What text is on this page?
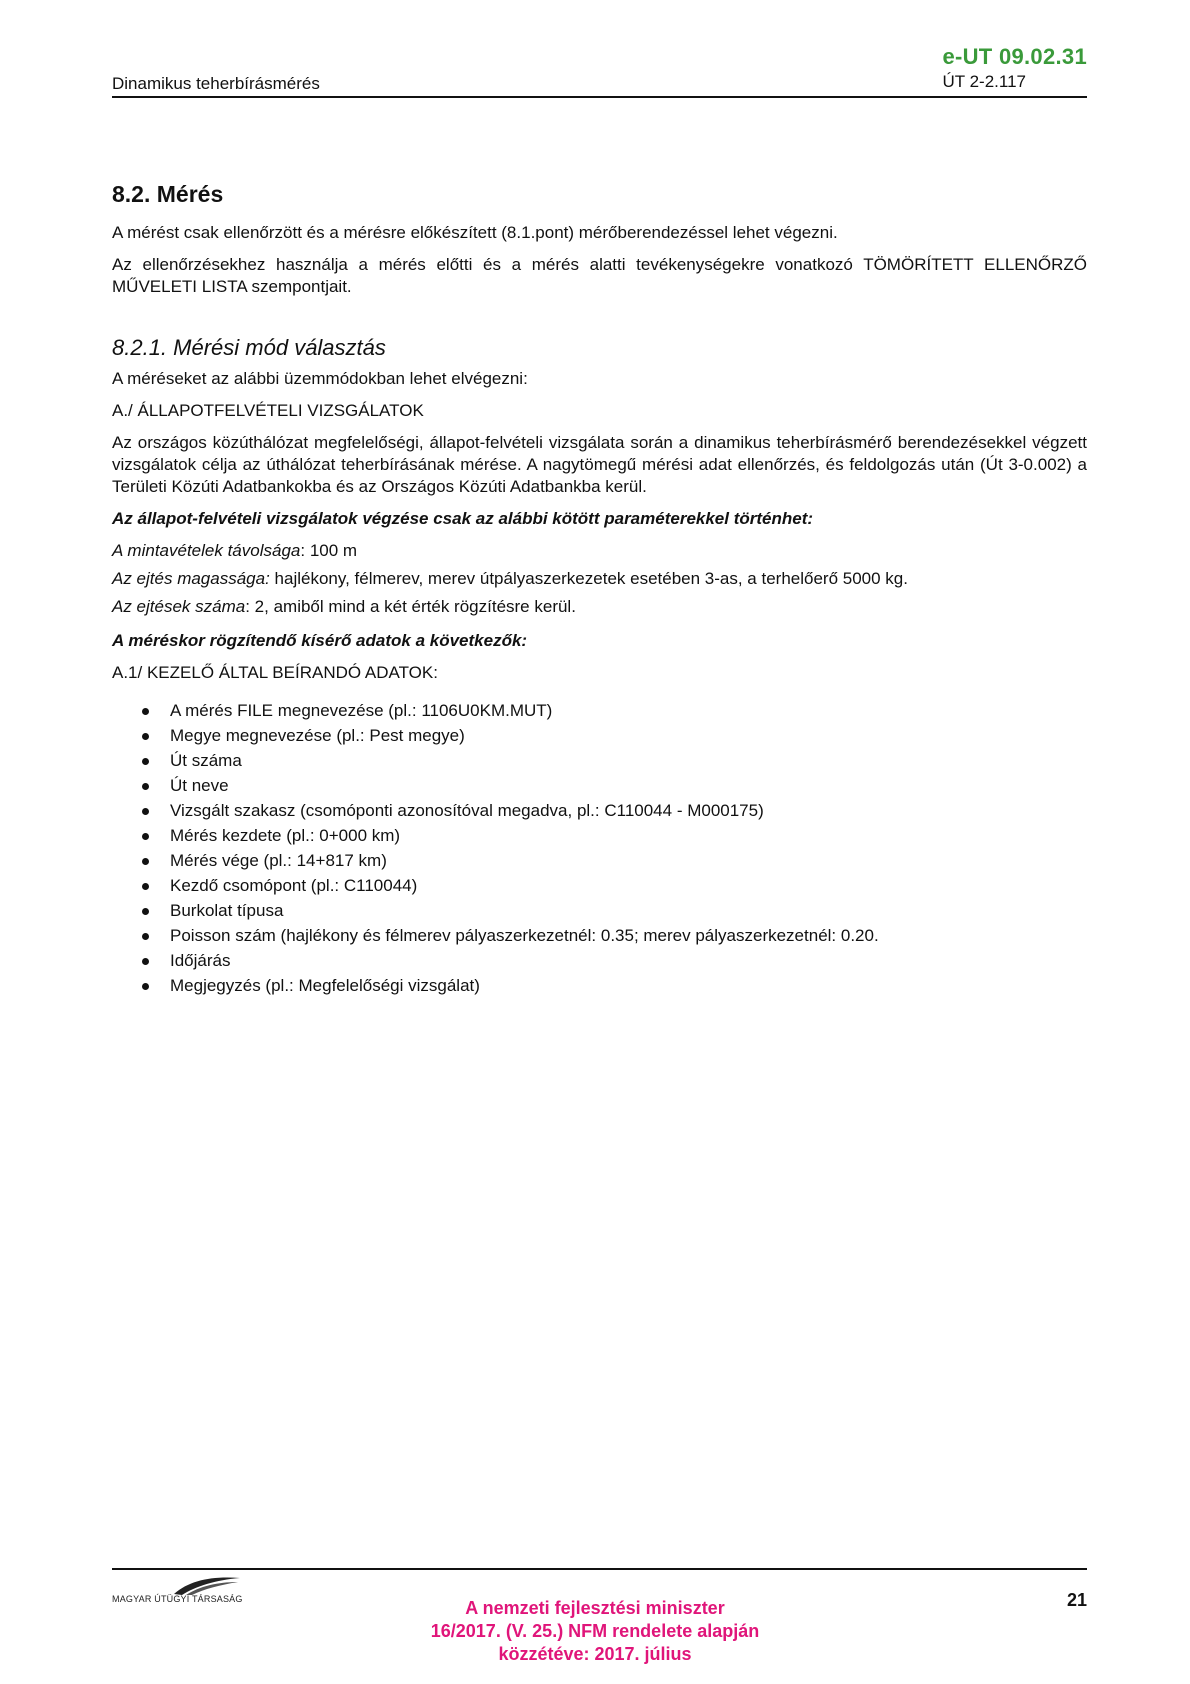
e-UT 09.02.31
Dinamikus teherbírásmérés	ÚT 2-2.117
8.2. Mérés

A mérést csak ellenőrzött és a mérésre előkészített (8.1.pont) mérőberendezéssel lehet végezni.

Az ellenőrzésekhez használja a mérés előtti és a mérés alatti tevékenységekre vonatkozó TÖMÖRÍTETT ELLENŐRZŐ MŰVELETI LISTA szempontjait.

8.2.1. Mérési mód választás

A méréseket az alábbi üzemmódokban lehet elvégezni:

A./ ÁLLAPOTFELVÉTELI VIZSGÁLATOK

Az országos közúthálózat megfelelőségi, állapot-felvételi vizsgálata során a dinamikus teherbírásmérő berendezésekkel végzett vizsgálatok célja az úthálózat teherbírásának mérése. A nagytömegű mérési adat ellenőrzés, és feldolgozás után (Út 3-0.002) a Területi Közúti Adatbankokba és az Országos Közúti Adatbankba kerül.

Az állapot-felvételi vizsgálatok végzése csak az alábbi kötött paraméterekkel történhet:

A mintavételek távolsága: 100 m

Az ejtés magassága: hajlékony, félmerev, merev útpályaszerkezetek esetében 3-as, a terhelőerő 5000 kg.

Az ejtések száma: 2, amiből mind a két érték rögzítésre kerül.

A méréskor rögzítendő kísérő adatok a következők:

A.1/ KEZELŐ ÁLTAL BEÍRANDÓ ADATOK:

A mérés FILE megnevezése (pl.: 1106U0KM.MUT)
Megye megnevezése (pl.: Pest megye)
Út száma
Út neve
Vizsgált szakasz (csomóponti azonosítóval megadva, pl.: C110044 - M000175)
Mérés kezdete (pl.: 0+000 km)
Mérés vége (pl.: 14+817 km)
Kezdő csomópont (pl.: C110044)
Burkolat típusa
Poisson szám (hajlékony és félmerev pályaszerkezetnél: 0.35; merev pályaszerkezetnél: 0.20.
Időjárás
Megjegyzés (pl.: Megfelelőségi vizsgálat)
MAGYAR ÚTÜGYI TÁRSASÁG	21
A nemzeti fejlesztési miniszter
16/2017. (V. 25.) NFM rendelete alapján
közzétéve: 2017. július
